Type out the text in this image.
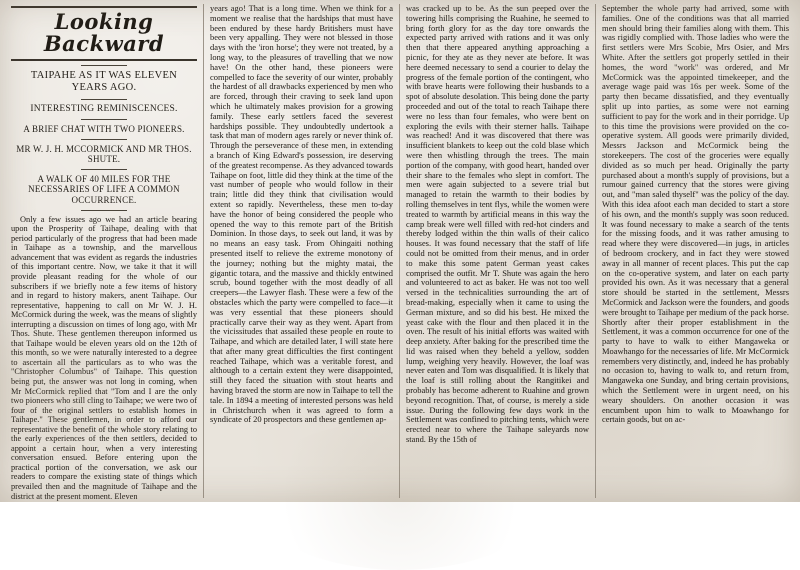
Looking Backward
TAIPAHE AS IT WAS ELEVEN YEARS AGO.
INTERESTING REMINISCENCES.
A BRIEF CHAT WITH TWO PIONEERS.
MR W. J. H. MCCORMICK AND MR THOS. SHUTE.
A WALK OF 40 MILES FOR THE NECESSARIES OF LIFE A COMMON OCCURRENCE.

Only a few issues ago we had an article bearing upon the Prosperity of Taihape, dealing with that period particularly of the progress that had been made in Taihape as a township, and the marvellous advancement that was evident as regards the industries of this important centre. Now, we take it that it will provide pleasant reading for the whole of our subscribers if we briefly note a few items of history and in regard to history makers, anent Taihape. Our representative, happening to call on Mr W. J. H. McCormick during the week, was the means of slightly interrupting a discussion on times of long ago, with Mr Thos. Shute. These gentlemen thereupon informed us that Taihape would be eleven years old on the 12th of this month, so we were naturally interested to a degree to ascertain all the particulars as to who was the "Christopher Columbus" of Taihape. This question being put, the answer was not long in coming, when Mr McCormick replied that "Tom and I are the only two pioneers who still cling to Taihape; we were two of four of the original settlers to establish homes in Taihape." These gentlemen, in order to afford our representative the benefit of the whole story relating to the early experiences of the then settlers, decided to appoint a certain hour, when a very interesting conversation ensued. Before entering upon the practical portion of the conversation, we ask our readers to compare the existing state of things which prevailed then and the magnitude of Taihape and the district at the present moment. Eleven

years ago! That is a long time. When we think for a moment we realise that the hardships that must have been endured by these hardy Britishers must have been very appalling. They were not blessed in those days with the 'iron horse'; they were not treated, by a long way, to the pleasures of travelling that we now have! On the other hand, these pioneers were compelled to face the severity of our winter, probably the hardest of all drawbacks experienced by men who are forced, through their craving to seek land upon which he ultimately makes provision for a growing family. These early settlers faced the severest hardships possible. They undoubtedly undertook a task that man of modern ages rarely or never think of. Through the perseverance of these men, in extending a branch of King Edward's possession, ire deserving of the greatest recompense. As they advanced towards Taihape on foot, little did they think at the time of the vast number of people who would follow in their train; little did they think that civilisation would extent so rapidly. Nevertheless, these men to-day have the honor of being considered the people who opened the way to this remote part of the British Dominion. In those days, to seek out land, it was by no means an easy task. From Ohingaiti nothing presented itself to relieve the extreme monotony of the journey; nothing but the mighty matai, the gigantic totara, and the massive and thickly entwined scrub, bound together with the most deadly of all creepers—the Lawyer flash. These were a few of the obstacles which the party were compelled to face—it was very essential that these pioneers should practically carve their way as they went. Apart from the vicissitudes that assailed these people en route to Taihape, and which are detailed later, I will state here that after many great difficulties the first contingent reached Taihape, which was a veritable forest, and although to a certain extent they were disappointed, still they faced the situation with stout hearts and having braved the storm are now in Taihape to tell the tale. In 1894 a meeting of interested persons was held in Christchurch when it was agreed to form a syndicate of 20 prospectors and these gentlemen ap-

was cracked up to be. As the sun peeped over the towering hills comprising the Ruahine, he seemed to bring forth glory for as the day tore onwards the expected party arrived with rations and it was only then that there appeared anything approaching a picnic, for they ate as they never ate before. It was here deemed necessary to send a courier to delay the progress of the female portion of the contingent, who with brave hearts were following their husbands to a spot of absolute desolation. This being done the party proceeded and out of the total to reach Taihape there were no less than four females, who were bent on exploring the evils with their sterner halls. Taihape was reached! And it was discovered that there was insufficient blankets to keep out the cold blase which were then whistling through the trees. The main portion of the company, with good heart, handed over their share to the females who slept in comfort. The men were again subjected to a severe trial but managed to retain the warmth to their bodies by rolling themselves in tent flys, while the women were treated to warmth by artificial means in this way the camp break were well filled with red-hot cinders and thereby lodged within the thin walls of their calico houses. It was found necessary that the staff of life could not be omitted from their menus, and in order to make this some patent German yeast cakes comprised the outfit. Mr T. Shute was again the hero and volunteered to act as baker. He was not too well versed in the technicalities surrounding the art of bread-making, especially when it came to using the German mixture, and so did his best. He mixed the yeast cake with the flour and then placed it in the oven. The result of his initial efforts was waited with deep anxiety. After baking for the prescribed time the lid was raised when they beheld a yellow, sodden lump, weighing very heavily. However, the loaf was never eaten and Tom was disqualified. It is likely that the loaf is still rolling about the Rangitikei and probably has become adherent to Ruahine and grown beyond recognition. That, of course, is merely a side issue. During the following few days work in the Settlement was confined to pitching tents, which were erected near to where the Taihape saleyards now stand. By the 15th of

September the whole party had arrived, some with families. One of the conditions was that all married men should bring their families along with them. This was rigidly complied with. Those ladies who were the first settlers were Mrs Scobie, Mrs Osier, and Mrs White. After the settlers got properly settled in their homes, the word "work" was ordered, and Mr McCormick was the appointed timekeeper, and the average wage paid was 16s per week. Some of the party then became dissatisfied, and they eventually split up into parties, as some were not earning sufficient to pay for the work and in their porridge. Up to this time the provisions were provided on the co-operative system. All goods were primarily divided, Messrs Jackson and McCormick being the storekeepers. The cost of the groceries were equally divided as so much per head. Originally the party purchased about a month's supply of provisions, but a rumour gained currency that the stores were giving out, and "man saled thyself" was the policy of the day. With this idea afoot each man decided to start a store of his own, and the month's supply was soon reduced. It was found necessary to make a search of the tents for the missing foods, and it was rather amusing to read where they were discovered—in jugs, in articles of bedroom crockery, and in fact they were stowed away in all manner of recent places. This put the cap on the co-operative system, and later on each party provided his own. As it was necessary that a general store should be started in the settlement, Messrs McCormick and Jackson were the founders, and goods were brought to Taihape per medium of the pack horse. Shortly after their proper establishment in the Settlement, it was a common occurrence for one of the party to have to walk to either Mangaweka or Moawhango for the necessaries of life. Mr McCormick remembers very distinctly, and, indeed he has probably no occasion to, having to walk to, and return from, Mangaweka one Sunday, and bring certain provisions, which the Settlement were in urgent need, on his weary shoulders. On another occasion it was encumbent upon him to walk to Moawhango for certain goods, but on ac-
